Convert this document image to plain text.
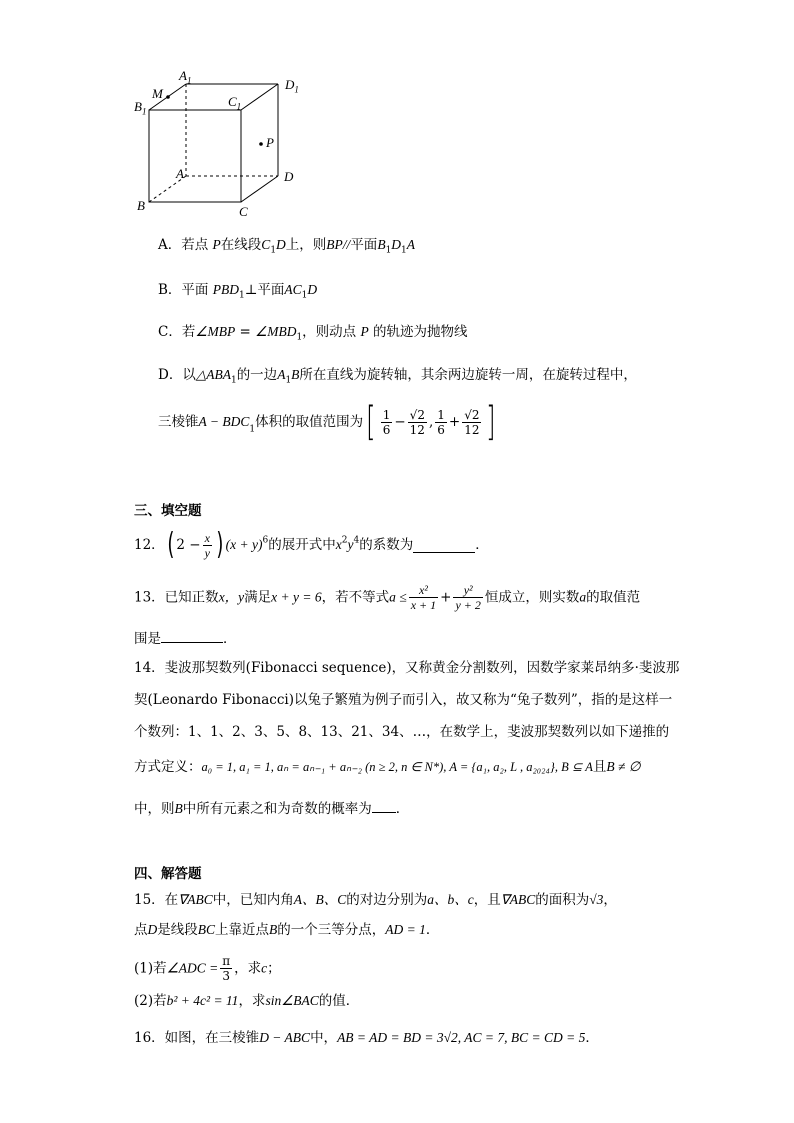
$A_1$	$D_1$
M
$B_1$
$C_1$
P
A	D
B	C
A．若点 P在线段$C_1D$上，则BP//平面$B_1D_1A$
B．平面 $PBD_1\perp$平面$AC_1D$
C．若∠MBP = $\angle MBD_1$，则动点 P 的轨迹为抛物线
D．以$\triangle ABA_1$的一边$A_1B$所在直线为旋转轴，其余两边旋转一周，在旋转过程中，
三棱锥$A - BDC_1$体积的取值范围为[ $\frac{1}{6} - \frac{√2}{12}$ , $\frac{1}{6} + \frac{√2}{12}$ ]
三、填空题
12．( $2 - \frac{x}{y}$ ) $(x + y)^6$的展开式中$x^2y^4$的系数为	．
13．已知正数x，y满足x + y = 6，若不等式$a \le \frac{\text{x²}}{x + 1} + \frac{\text{y²}}{y + 2}$ 恒成立，则实数a的取值范
围是	．
14．斐波那契数列(Fibonacci sequence)，又称黄金分割数列，因数学家莱昂纳多·斐波那
契(Leonardo Fibonacci)以兔子繁殖为例子而引入，故又称为“兔子数列”，指的是这样一
个数列：1、1、2、3、5、8、13、21、34、…，在数学上，斐波那契数列以如下递推的
方式定义：a₀ = 1, a₁ = 1, aₙ = aₙ₋₁ + aₙ₋₂ (n ≥ 2, n ∈ N*), A = {a₁, a₂, L , a₂₀₂₄}, B ⊆ A且B ≠ ∅
中，则B中所有元素之和为奇数的概率为 ．
四、解答题
15．在∇ABC中，已知内角A、B、C的对边分别为a、b、c，且∇ABC的面积为√3，
点D是线段BC上靠近点B的一个三等分点，AD = 1．
(1)若∠ADC = $\frac{\pi}{3}$ ，求c；
(2)若b² + 4c² = 11，求sin∠BAC的值．
16．如图，在三棱锥D − ABC中，AB = AD = BD = 3√2, AC = 7, BC = CD = 5．
